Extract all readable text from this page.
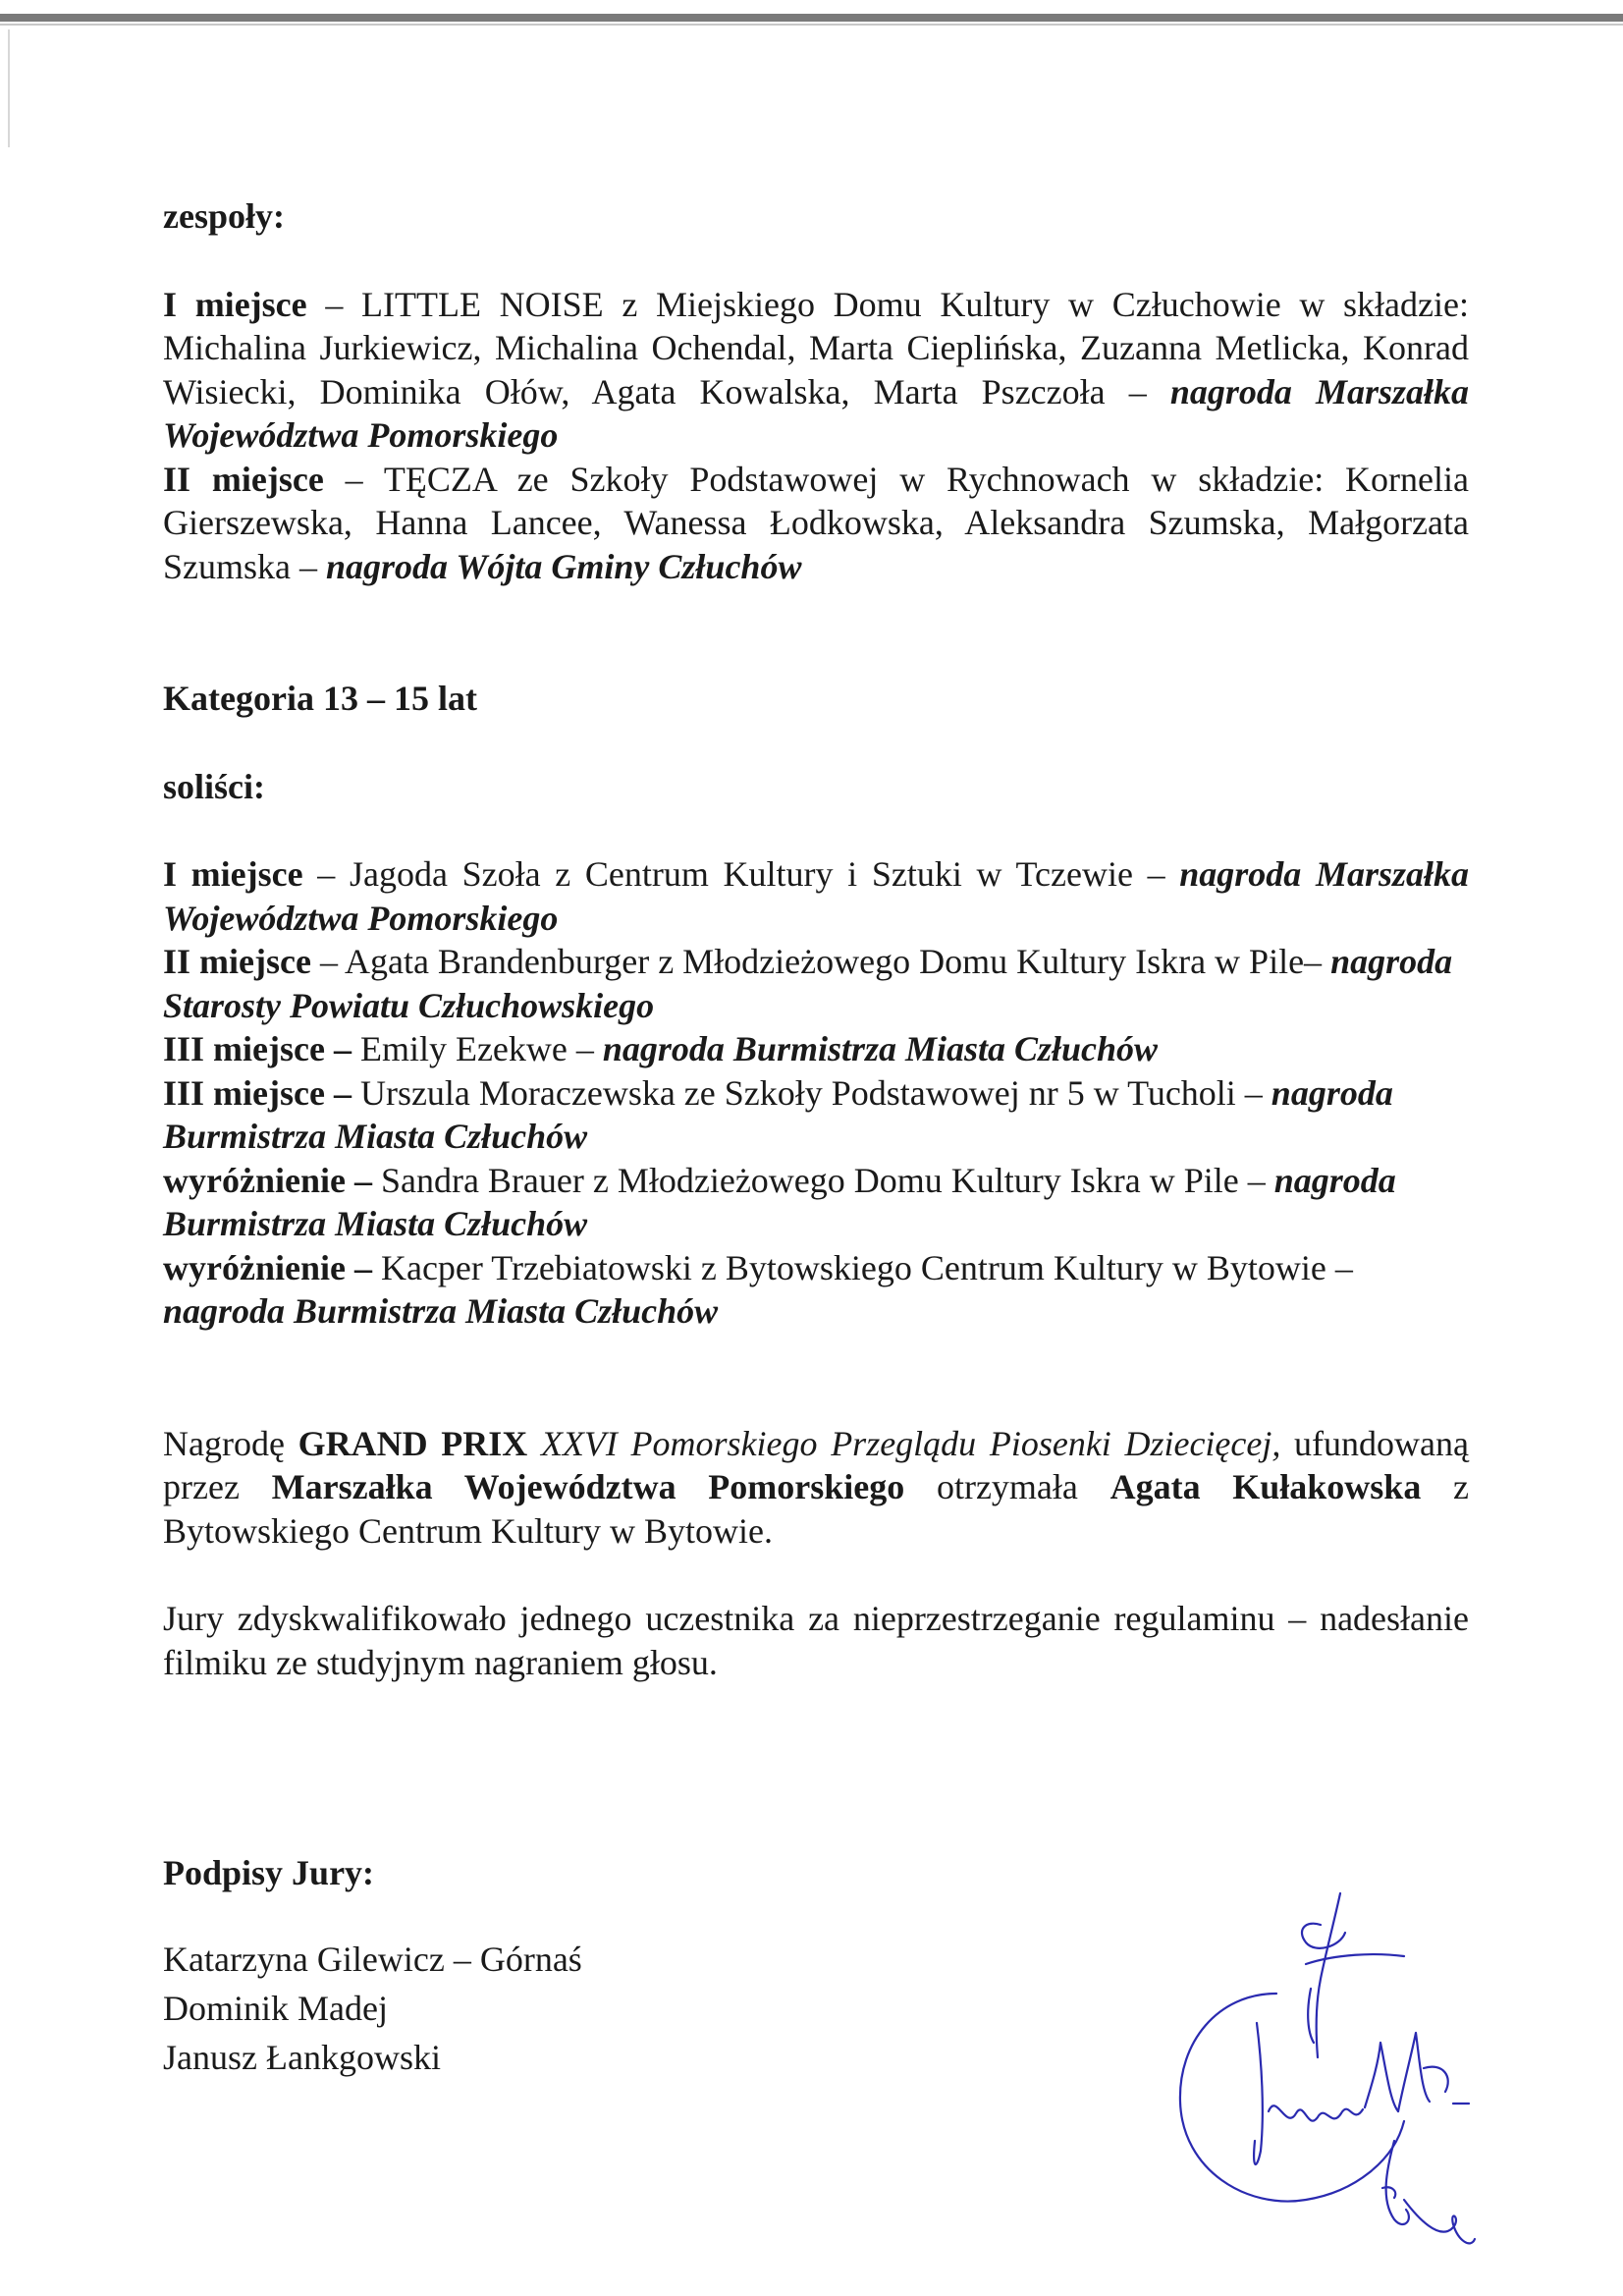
zespoły:

I miejsce – LITTLE NOISE z Miejskiego Domu Kultury w Człuchowie w składzie: Michalina Jurkiewicz, Michalina Ochendal, Marta Cieplińska, Zuzanna Metlicka, Konrad Wisiecki, Dominika Ołów, Agata Kowalska, Marta Pszczoła – nagroda Marszałka Województwa Pomorskiego

II miejsce – TĘCZA ze Szkoły Podstawowej w Rychnowach w składzie: Kornelia Gierszewska, Hanna Lancee, Wanessa Łodkowska, Aleksandra Szumska, Małgorzata Szumska – nagroda Wójta Gminy Człuchów

Kategoria 13 – 15 lat

soliści:

I miejsce – Jagoda Szoła z Centrum Kultury i Sztuki w Tczewie – nagroda Marszałka Województwa Pomorskiego

II miejsce – Agata Brandenburger z Młodzieżowego Domu Kultury Iskra w Pile– nagroda Starosty Powiatu Człuchowskiego

III miejsce – Emily Ezekwe – nagroda Burmistrza Miasta Człuchów

III miejsce – Urszula Moraczewska ze Szkoły Podstawowej nr 5 w Tucholi – nagroda Burmistrza Miasta Człuchów

wyróżnienie – Sandra Brauer z Młodzieżowego Domu Kultury Iskra w Pile – nagroda Burmistrza Miasta Człuchów

wyróżnienie – Kacper Trzebiatowski z Bytowskiego Centrum Kultury w Bytowie – nagroda Burmistrza Miasta Człuchów

Nagrodę GRAND PRIX XXVI Pomorskiego Przeglądu Piosenki Dziecięcej, ufundowaną przez Marszałka Województwa Pomorskiego otrzymała Agata Kułakowska z Bytowskiego Centrum Kultury w Bytowie.

Jury zdyskwalifikowało jednego uczestnika za nieprzestrzeganie regulaminu – nadesłanie filmiku ze studyjnym nagraniem głosu.

Podpisy Jury:

Katarzyna Gilewicz – Górnaś

Dominik Madej

Janusz Łankgowski
